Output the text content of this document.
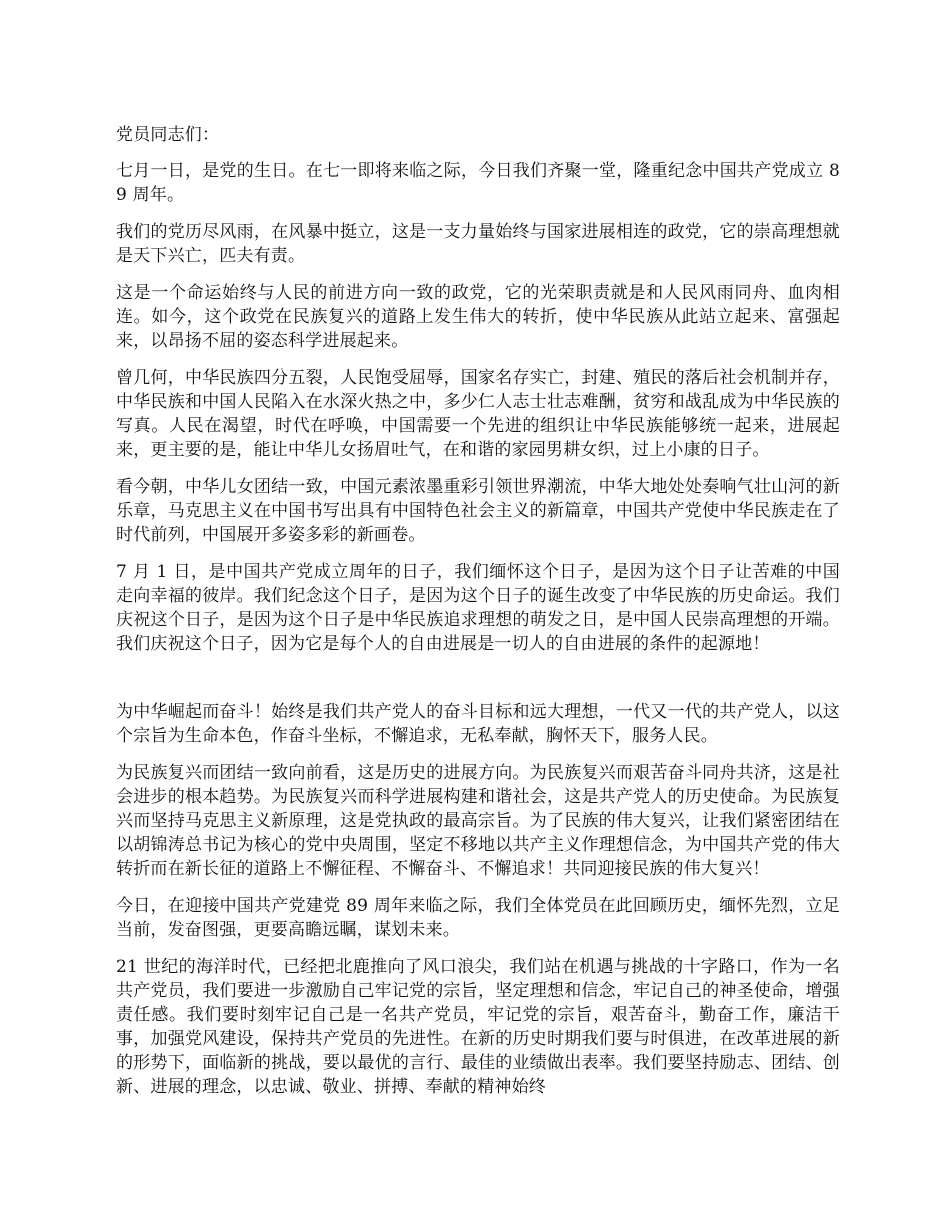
党员同志们：

七月一日，是党的生日。在七一即将来临之际，今日我们齐聚一堂，隆重纪念中国共产党成立 89 周年。

我们的党历尽风雨，在风暴中挺立，这是一支力量始终与国家进展相连的政党，它的崇高理想就是天下兴亡，匹夫有责。

这是一个命运始终与人民的前进方向一致的政党，它的光荣职责就是和人民风雨同舟、血肉相连。如今，这个政党在民族复兴的道路上发生伟大的转折，使中华民族从此站立起来、富强起来，以昂扬不屈的姿态科学进展起来。

曾几何，中华民族四分五裂，人民饱受屈辱，国家名存实亡，封建、殖民的落后社会机制并存，中华民族和中国人民陷入在水深火热之中，多少仁人志士壮志难酬，贫穷和战乱成为中华民族的写真。人民在渴望，时代在呼唤，中国需要一个先进的组织让中华民族能够统一起来，进展起来，更主要的是，能让中华儿女扬眉吐气，在和谐的家园男耕女织，过上小康的日子。

看今朝，中华儿女团结一致，中国元素浓墨重彩引领世界潮流，中华大地处处奏响气壮山河的新乐章，马克思主义在中国书写出具有中国特色社会主义的新篇章，中国共产党使中华民族走在了时代前列，中国展开多姿多彩的新画卷。

7 月 1 日，是中国共产党成立周年的日子，我们缅怀这个日子，是因为这个日子让苦难的中国走向幸福的彼岸。我们纪念这个日子，是因为这个日子的诞生改变了中华民族的历史命运。我们庆祝这个日子，是因为这个日子是中华民族追求理想的萌发之日，是中国人民崇高理想的开端。我们庆祝这个日子，因为它是每个人的自由进展是一切人的自由进展的条件的起源地！

为中华崛起而奋斗！始终是我们共产党人的奋斗目标和远大理想，一代又一代的共产党人，以这个宗旨为生命本色，作奋斗坐标，不懈追求，无私奉献，胸怀天下，服务人民。

为民族复兴而团结一致向前看，这是历史的进展方向。为民族复兴而艰苦奋斗同舟共济，这是社会进步的根本趋势。为民族复兴而科学进展构建和谐社会，这是共产党人的历史使命。为民族复兴而坚持马克思主义新原理，这是党执政的最高宗旨。为了民族的伟大复兴，让我们紧密团结在以胡锦涛总书记为核心的党中央周围，坚定不移地以共产主义作理想信念，为中国共产党的伟大转折而在新长征的道路上不懈征程、不懈奋斗、不懈追求！共同迎接民族的伟大复兴！

今日，在迎接中国共产党建党 89 周年来临之际，我们全体党员在此回顾历史，缅怀先烈，立足当前，发奋图强，更要高瞻远瞩，谋划未来。

21 世纪的海洋时代，已经把北鹿推向了风口浪尖，我们站在机遇与挑战的十字路口，作为一名共产党员，我们要进一步激励自己牢记党的宗旨，坚定理想和信念，牢记自己的神圣使命，增强责任感。我们要时刻牢记自己是一名共产党员，牢记党的宗旨，艰苦奋斗，勤奋工作，廉洁干事，加强党风建设，保持共产党员的先进性。在新的历史时期我们要与时俱进，在改革进展的新的形势下，面临新的挑战，要以最优的言行、最佳的业绩做出表率。我们要坚持励志、团结、创新、进展的理念，以忠诚、敬业、拼搏、奉献的精神始终
